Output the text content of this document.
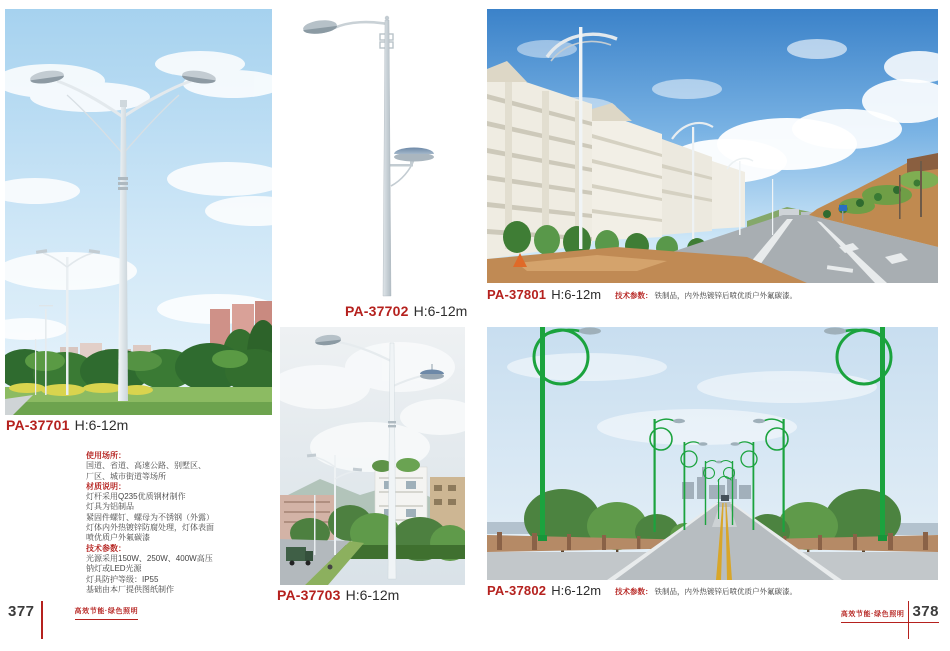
PA-37701 H:6-12m
使用场所：
国道、省道、高速公路、别墅区、
厂区、城市街道等场所
材质说明：
灯杆采用Q235优质钢材制作
灯具为铝制品
紧固件螺钉、螺母为不锈钢（外露）
灯体内外热镀锌防腐处理，灯体表面
喷优质户外氟碳漆
技术参数：
光源采用150W、250W、400W高压
钠灯或LED光源
灯具防护等级：IP55
基础由本厂提供图纸制作
PA-37702 H:6-12m
PA-37703 H:6-12m
PA-37801 H:6-12m 技术参数： 铁制品，内外热镀锌后喷优质户外氟碳漆。
PA-37802 H:6-12m 技术参数： 铁制品，内外热镀锌后喷优质户外氟碳漆。
377	高效节能·绿色照明	高效节能·绿色照明 378
